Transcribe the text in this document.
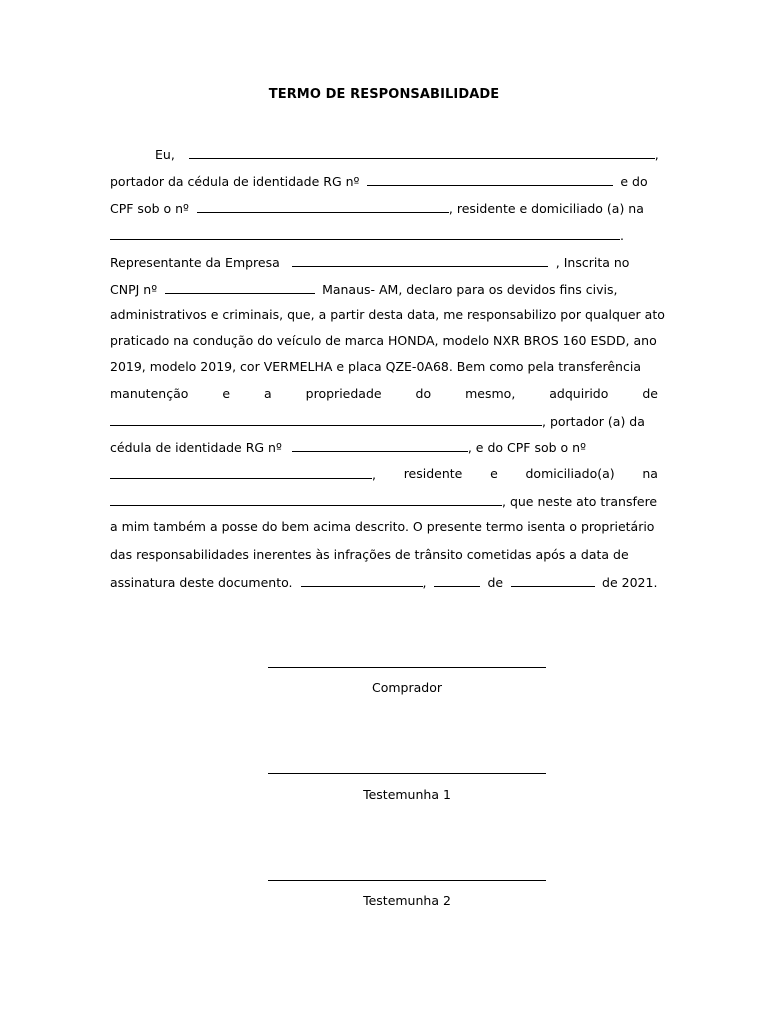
TERMO DE RESPONSABILIDADE
Eu,	,
portador da cédula de identidade RG nº	e do
CPF sob o nº	, residente e domiciliado (a) na
.
Representante da Empresa	, Inscrita no
CNPJ nº	Manaus- AM, declaro para os devidos fins civis,
administrativos e criminais, que, a partir desta data, me responsabilizo por qualquer ato
praticado na condução do veículo de marca HONDA, modelo NXR BROS 160 ESDD, ano
2019, modelo 2019, cor VERMELHA e placa QZE-0A68. Bem como pela transferência
manutenção	e	a	propriedade	do	mesmo,	adquirido	de
, portador (a) da
cédula de identidade RG nº	, e do CPF sob o nº
, residente e domiciliado(a) na
, que neste ato transfere
a mim também a posse do bem acima descrito. O presente termo isenta o proprietário
das responsabilidades inerentes às infrações de trânsito cometidas após a data de
assinatura deste documento.	,	de	de 2021.
Comprador
Testemunha 1
Testemunha 2
